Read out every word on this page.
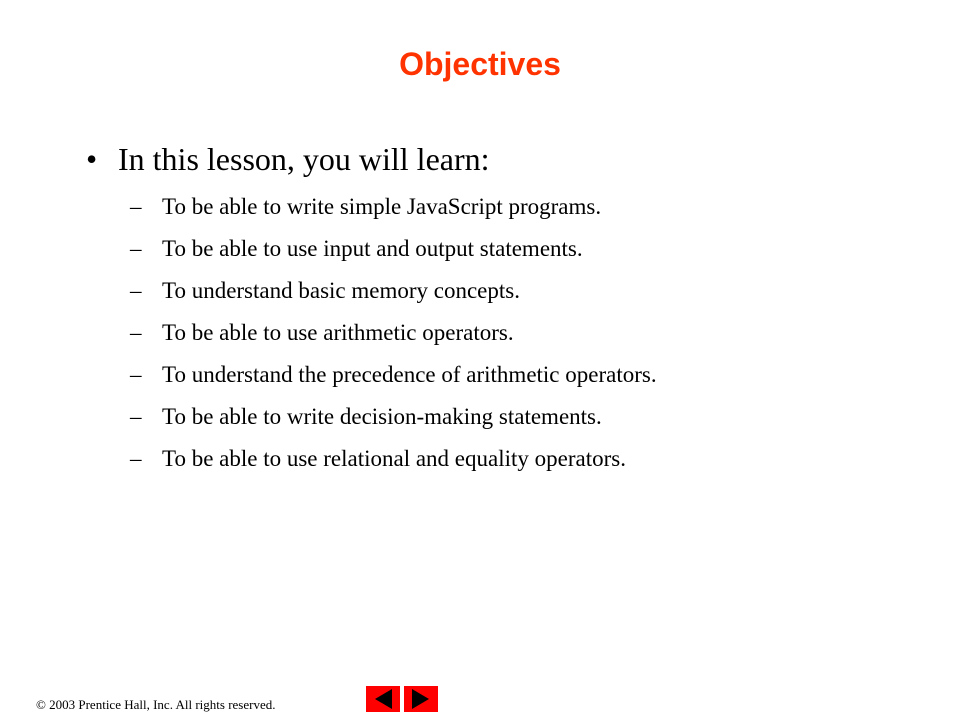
Objectives
• In this lesson, you will learn:
– To be able to write simple JavaScript programs.
– To be able to use input and output statements.
– To understand basic memory concepts.
– To be able to use arithmetic operators.
– To understand the precedence of arithmetic operators.
– To be able to write decision-making statements.
– To be able to use relational and equality operators.
© 2003 Prentice Hall, Inc. All rights reserved.
